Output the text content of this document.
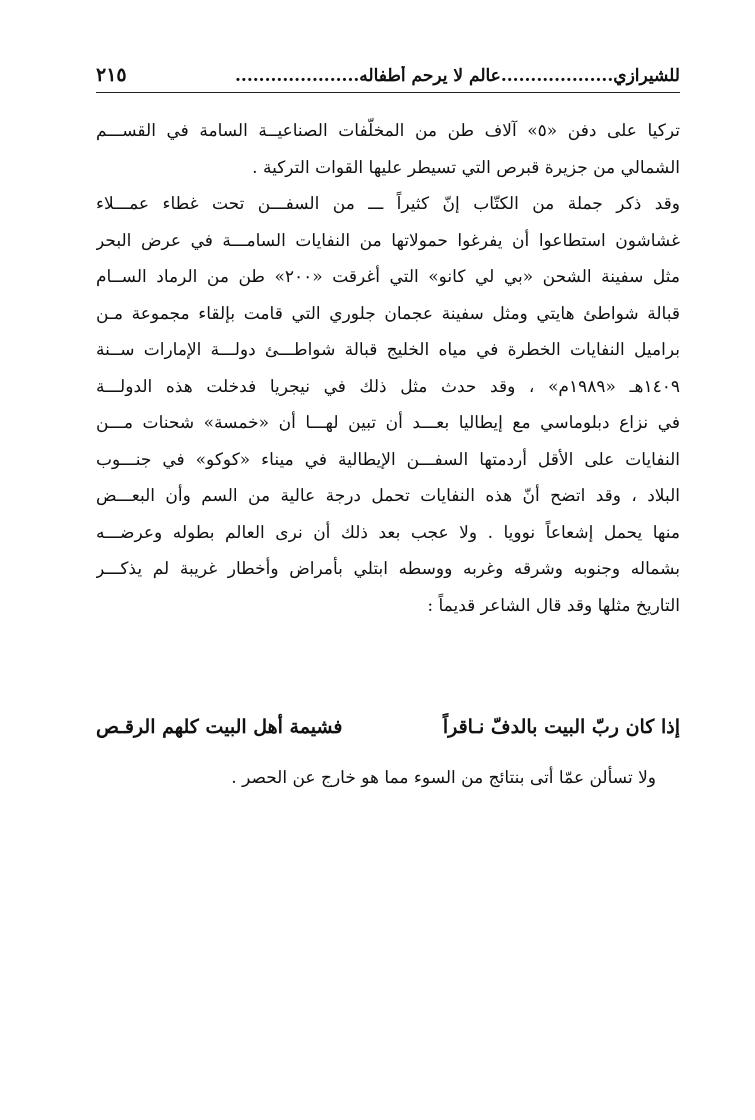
للشيرازي...................عالم لا يرحم أطفاله.....................
٢١٥
تركيا على دفن «٥» آلاف طن من المخلّفات الصناعيــة السامة في القســـم
الشمالي من جزيرة قبرص التي تسيطر عليها القوات التركية .
وقد ذكر جملة من الكتّاب إنّ كثيراً ـــ من السفـــن تحت غطاء عمـــلاء
غشاشون استطاعوا أن يفرغوا حمولاتها من النفايات السامـــة في عرض البحر
مثل سفينة الشحن «بي لي كانو» التي أغرقت «٢٠٠» طن من الرماد الســام
قبالة شواطئ هايتي ومثل سفينة عجمان جلوري التي قامت بإلقاء مجموعة مـن
براميل النفايات الخطرة في مياه الخليج قبالة شواطـــئ دولـــة الإمارات ســنة
١٤٠٩هـ «١٩٨٩م» ، وقد حدث مثل ذلك في نيجريا فدخلت هذه الدولـــة
في نزاع دبلوماسي مع إيطاليا بعـــد أن تبين لهـــا أن «خمسة» شحنات مـــن
النفايات على الأقل أردمتها السفـــن الإيطالية في ميناء «كوكو» في جنـــوب
البلاد ، وقد اتضح أنّ هذه النفايات تحمل درجة عالية من السم وأن البعـــض
منها يحمل إشعاعاً نوويا . ولا عجب بعد ذلك أن نرى العالم بطوله وعرضـــه
بشماله وجنوبه وشرقه وغربه ووسطه ابتلي بأمراض وأخطار غريبة لم يذكـــر
التاريخ مثلها وقد قال الشاعر قديماً :
إذا كان ربّ البيت بالدفّ نـاقراً
فشيمة أهل البيت كلهم الرقـص
ولا تسألن عمّا أتى بنتائج من السوء مما هو خارج عن الحصر .
